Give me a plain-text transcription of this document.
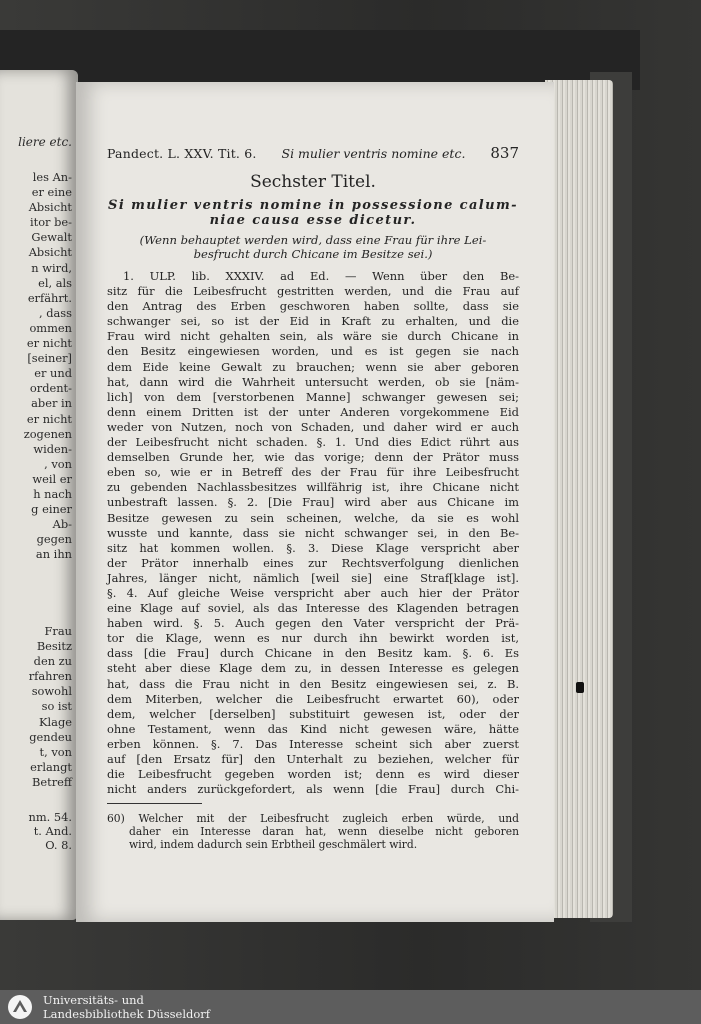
liere etc.
les An-
er eine
Absicht
itor be-
Gewalt
Absicht
n wird,
el, als
erfährt.
, dass
ommen
er nicht
[seiner]
er und
ordent-
aber in
er nicht
zogenen
widen-
, von
weil er
h nach
g einer
Ab-
gegen
an ihn
Frau
Besitz
den zu
rfahren
sowohl
so ist
Klage
gendeu
t, von
erlangt
Betreff
nm. 54.
t. And.
O. 8.
Pandect. L. XXV. Tit. 6. Si mulier ventris nomine etc. 837
Sechster Titel.
Si mulier ventris nomine in possessione calum-
niae causa esse dicetur.
(Wenn behauptet werden wird, dass eine Frau für ihre Lei-
besfrucht durch Chicane im Besitze sei.)
1. ULP. lib. XXXIV. ad Ed. — Wenn über den Be-
sitz für die Leibesfrucht gestritten werden, und die Frau auf
den Antrag des Erben geschworen haben sollte, dass sie
schwanger sei, so ist der Eid in Kraft zu erhalten, und die
Frau wird nicht gehalten sein, als wäre sie durch Chicane in
den Besitz eingewiesen worden, und es ist gegen sie nach
dem Eide keine Gewalt zu brauchen; wenn sie aber geboren
hat, dann wird die Wahrheit untersucht werden, ob sie [näm-
lich] von dem [verstorbenen Manne] schwanger gewesen sei;
denn einem Dritten ist der unter Anderen vorgekommene Eid
weder von Nutzen, noch von Schaden, und daher wird er auch
der Leibesfrucht nicht schaden. §. 1. Und dies Edict rührt aus
demselben Grunde her, wie das vorige; denn der Prätor muss
eben so, wie er in Betreff des der Frau für ihre Leibesfrucht
zu gebenden Nachlassbesitzes willfährig ist, ihre Chicane nicht
unbestraft lassen. §. 2. [Die Frau] wird aber aus Chicane im
Besitze gewesen zu sein scheinen, welche, da sie es wohl
wusste und kannte, dass sie nicht schwanger sei, in den Be-
sitz hat kommen wollen. §. 3. Diese Klage verspricht aber
der Prätor innerhalb eines zur Rechtsverfolgung dienlichen
Jahres, länger nicht, nämlich [weil sie] eine Straf[klage ist].
§. 4. Auf gleiche Weise verspricht aber auch hier der Prätor
eine Klage auf soviel, als das Interesse des Klagenden betragen
haben wird. §. 5. Auch gegen den Vater verspricht der Prä-
tor die Klage, wenn es nur durch ihn bewirkt worden ist,
dass [die Frau] durch Chicane in den Besitz kam. §. 6. Es
steht aber diese Klage dem zu, in dessen Interesse es gelegen
hat, dass die Frau nicht in den Besitz eingewiesen sei, z. B.
dem Miterben, welcher die Leibesfrucht erwartet 60), oder
dem, welcher [derselben] substituirt gewesen ist, oder der
ohne Testament, wenn das Kind nicht gewesen wäre, hätte
erben können. §. 7. Das Interesse scheint sich aber zuerst
auf [den Ersatz für] den Unterhalt zu beziehen, welcher für
die Leibesfrucht gegeben worden ist; denn es wird dieser
nicht anders zurückgefordert, als wenn [die Frau] durch Chi-
60) Welcher mit der Leibesfrucht zugleich erben würde, und
daher ein Interesse daran hat, wenn dieselbe nicht geboren
wird, indem dadurch sein Erbtheil geschmälert wird.
Universitäts- und
Landesbibliothek Düsseldorf
